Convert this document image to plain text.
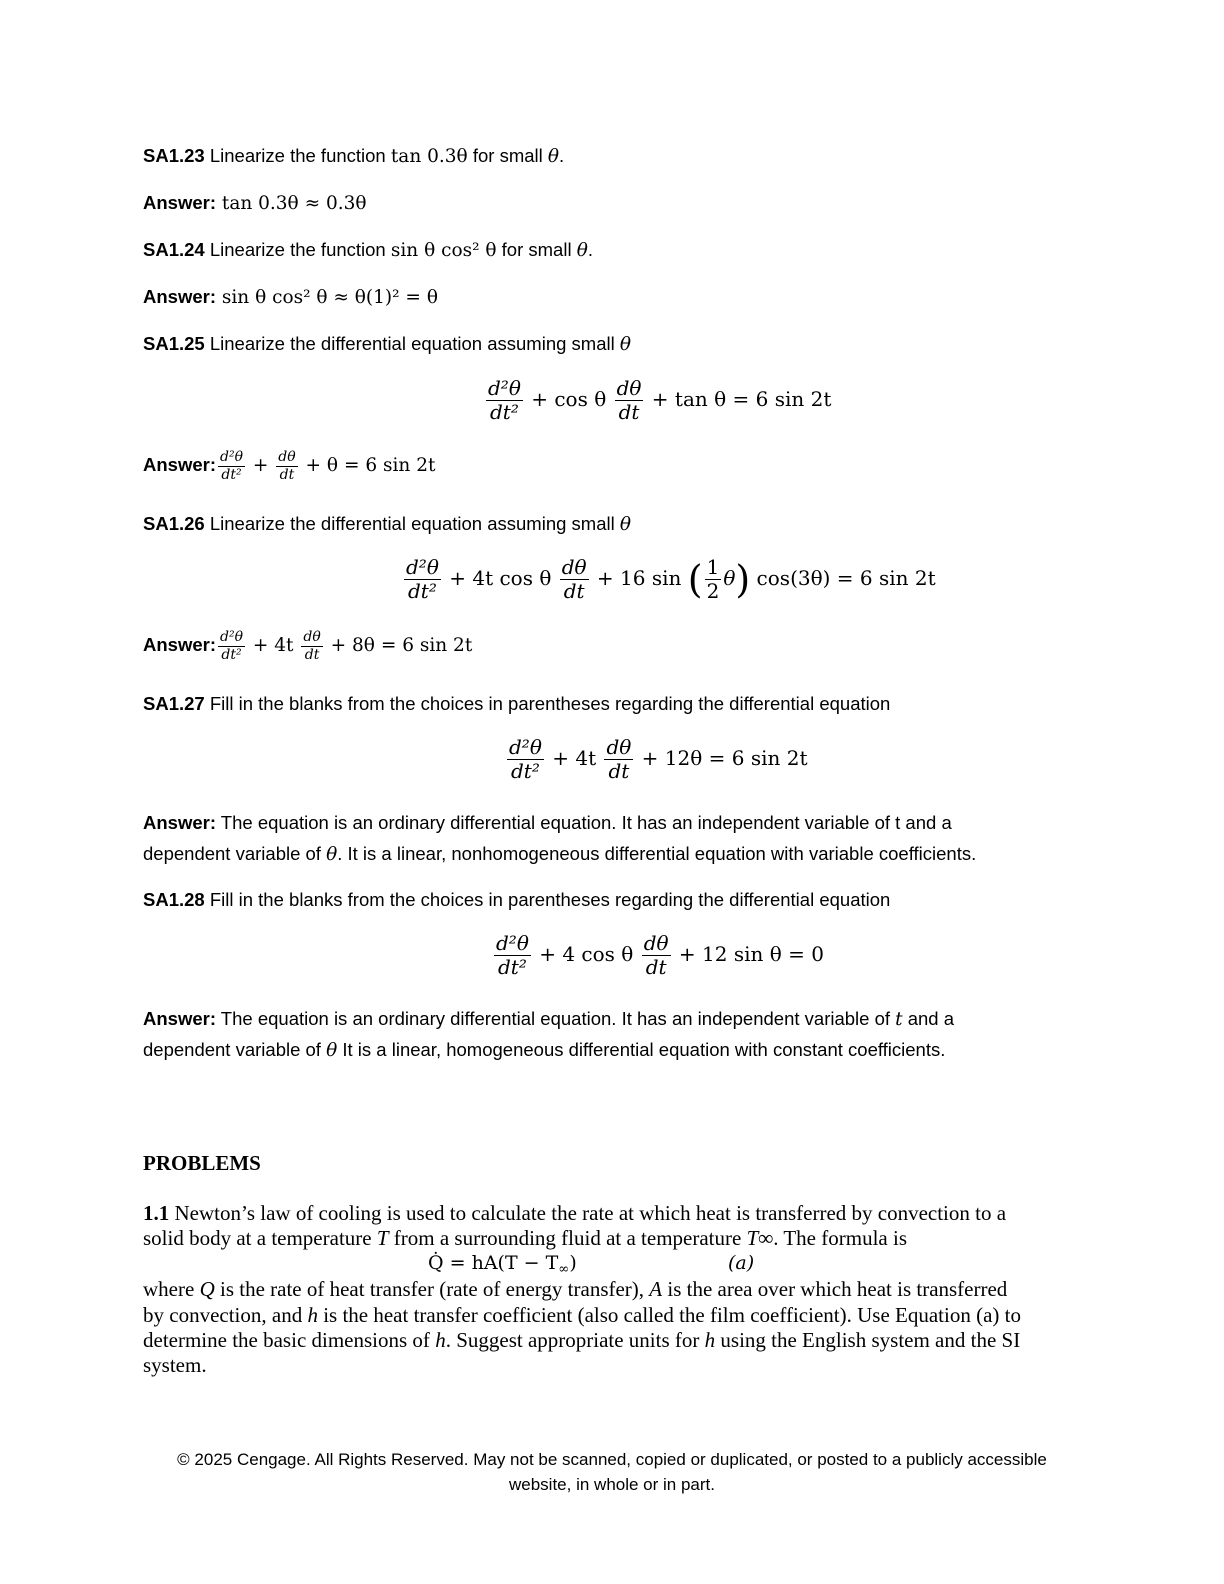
SA1.23 Linearize the function tan 0.3θ for small θ.
Answer: tan 0.3θ ≈ 0.3θ
SA1.24 Linearize the function sin θ cos² θ for small θ.
Answer: sin θ cos² θ ≈ θ(1)² = θ
SA1.25 Linearize the differential equation assuming small θ
$\frac{\text{d²θ}}{\text{dt²}} + \cos \theta \frac{d\theta}{dt} + \tan \theta = 6$ sin 2t
Answer: $\frac{\text{d²θ}}{\text{dt²}} + \frac{d\theta}{dt} + \theta = 6$ sin 2t
SA1.26 Linearize the differential equation assuming small θ
$\frac{\text{d²θ}}{\text{dt²}} + 4t$ cos θ $\frac{d\theta}{dt} + 16$ sin ( $\frac{1}{2} \theta$) cos(3θ) = 6 sin 2t
Answer: $\frac{\text{d²θ}}{\text{dt²}} + 4t \frac{d\theta}{dt} + 8\theta = 6$ sin 2t
SA1.27 Fill in the blanks from the choices in parentheses regarding the differential equation
$\frac{\text{d²θ}}{\text{dt²}} + 4t \frac{d\theta}{dt} + 12\theta = 6$ sin 2t
Answer: The equation is an ordinary differential equation. It has an independent variable of t and a
dependent variable of θ. It is a linear, nonhomogeneous differential equation with variable coefficients.
SA1.28 Fill in the blanks from the choices in parentheses regarding the differential equation
$\frac{\text{d²θ}}{\text{dt²}} + 4$ cos θ $\frac{d\theta}{dt} + 12$ sin θ = 0
Answer: The equation is an ordinary differential equation. It has an independent variable of t and a
dependent variable of θ It is a linear, homogeneous differential equation with constant coefficients.
PROBLEMS
1.1 Newton’s law of cooling is used to calculate the rate at which heat is transferred by convection to a
solid body at a temperature T from a surrounding fluid at a temperature T∞. The formula is
Q̇ = $hA(T - T_\infty)$	(a)
where Q is the rate of heat transfer (rate of energy transfer), A is the area over which heat is transferred
by convection, and h is the heat transfer coefficient (also called the film coefficient). Use Equation (a) to
determine the basic dimensions of h. Suggest appropriate units for h using the English system and the SI
system.
© 2025 Cengage. All Rights Reserved. May not be scanned, copied or duplicated, or posted to a publicly accessible
website, in whole or in part.
